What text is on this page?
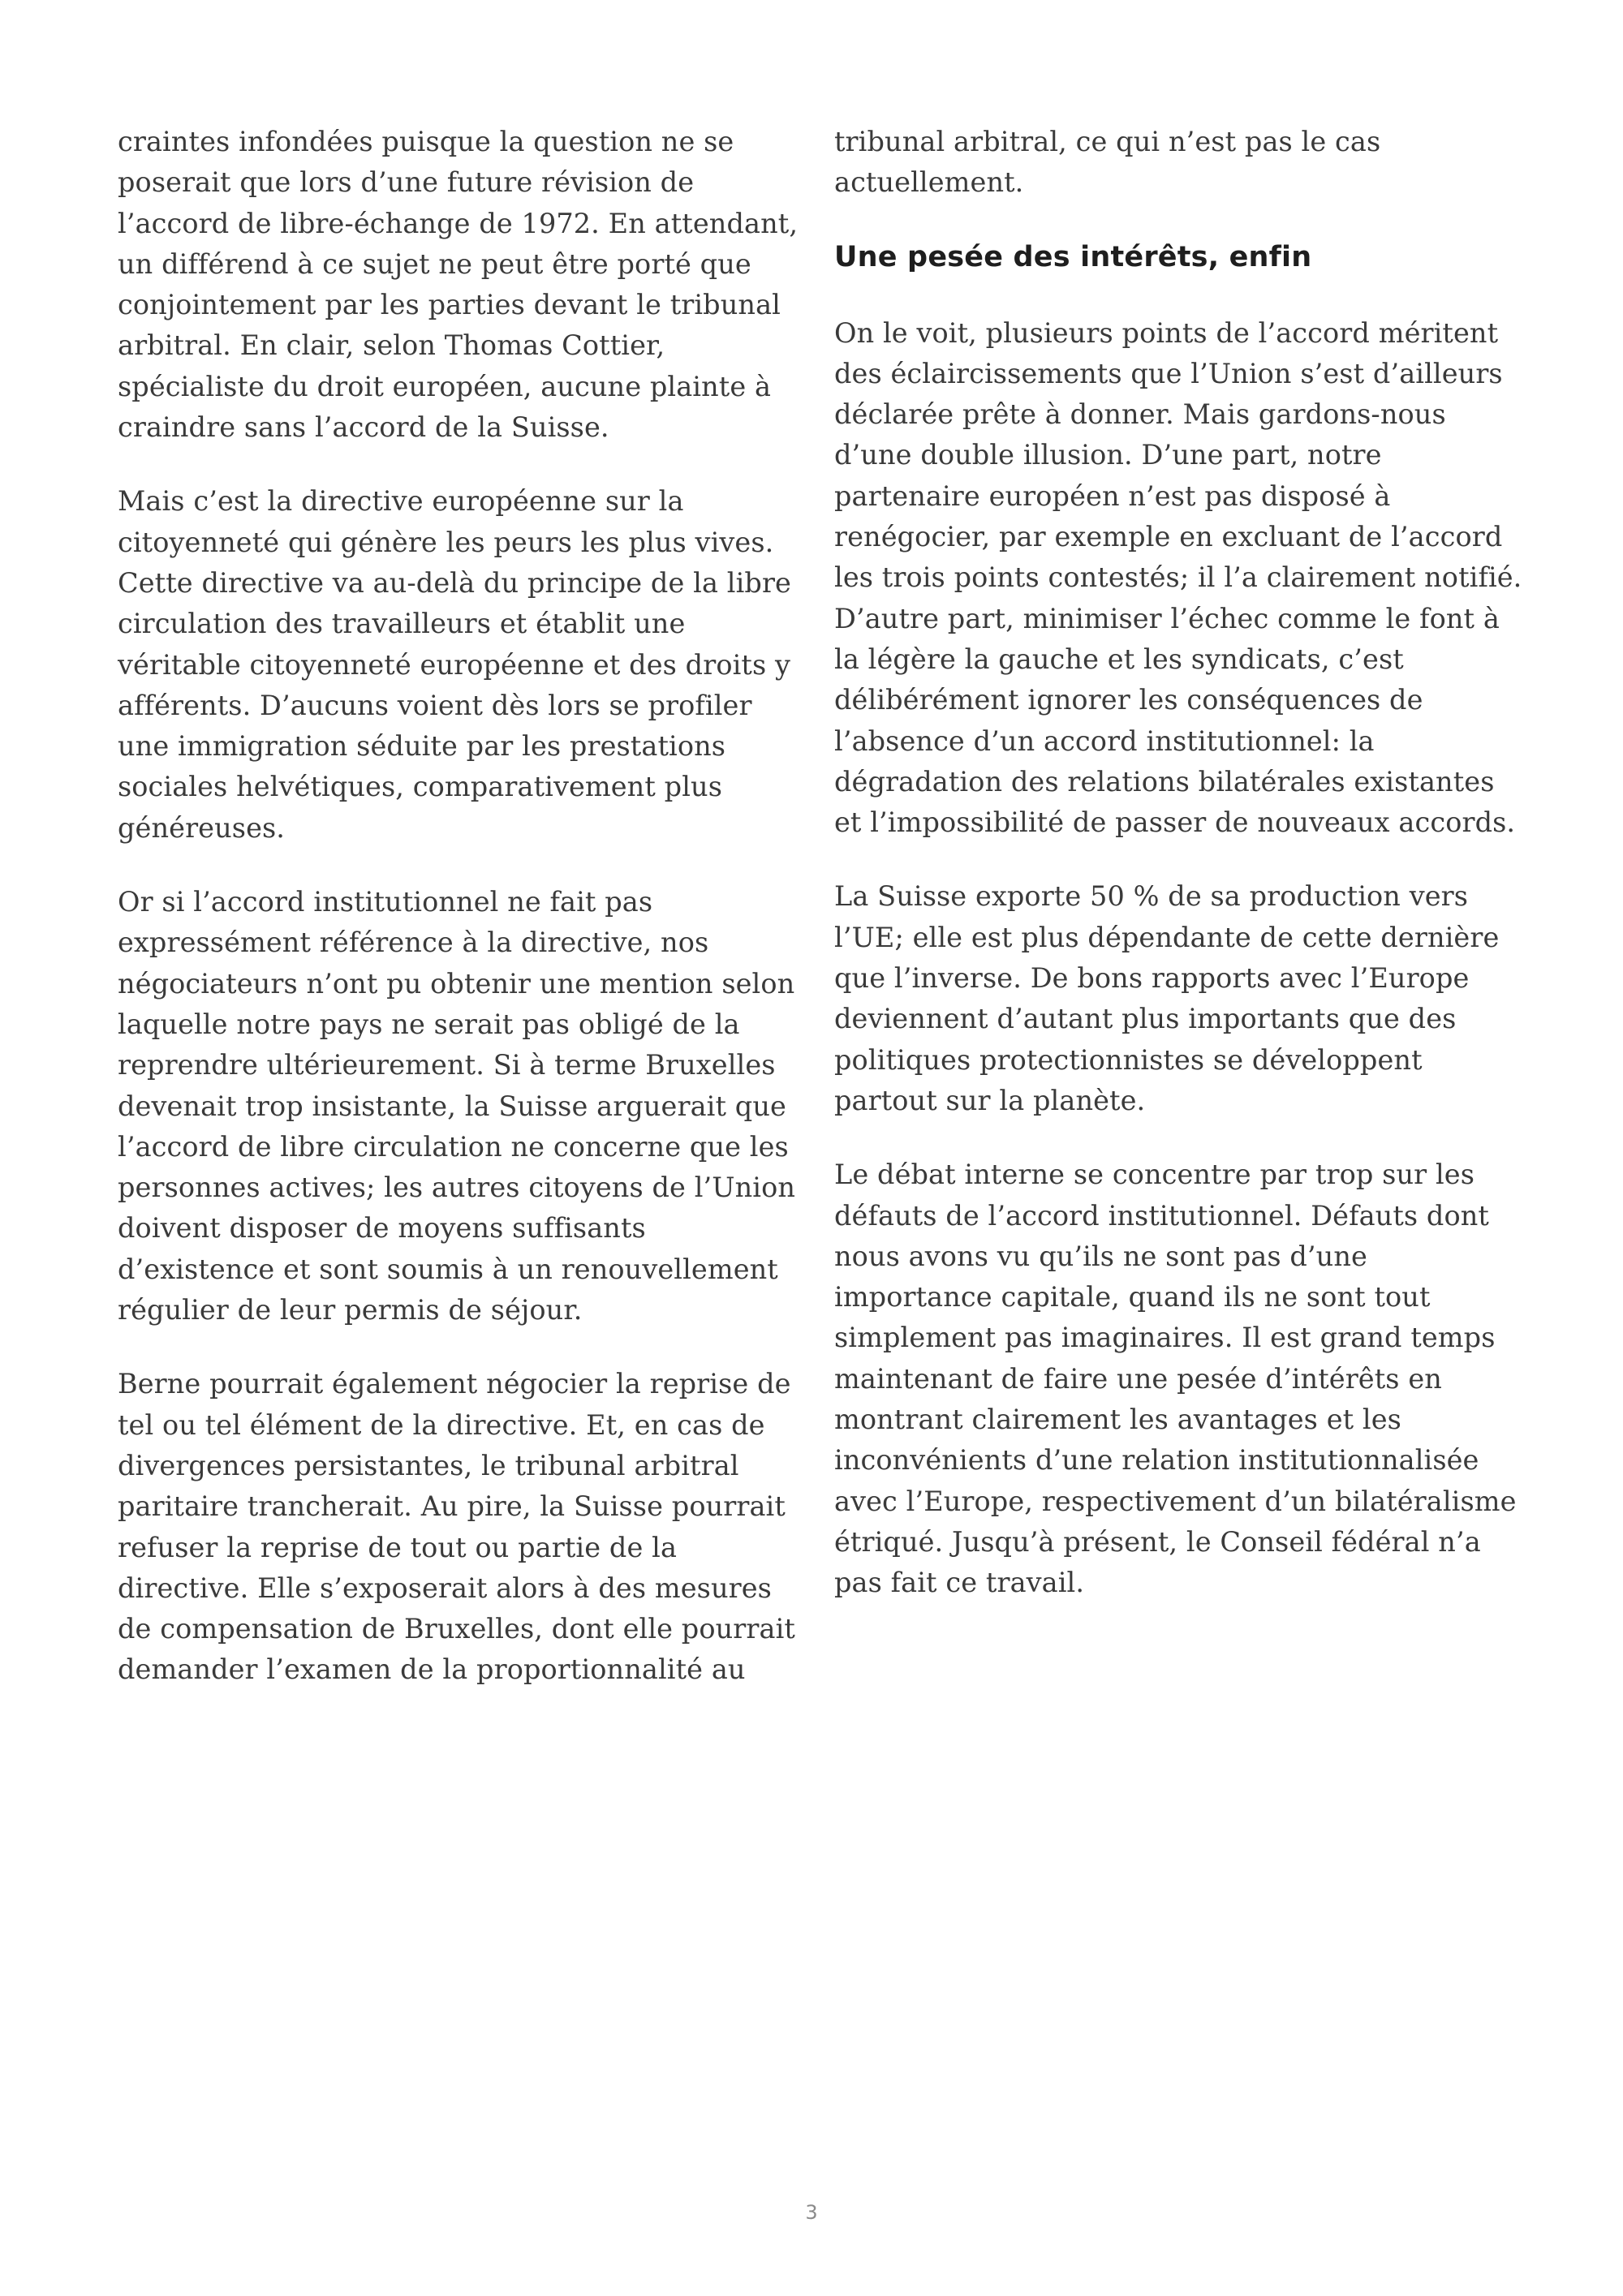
craintes infondées puisque la question ne se poserait que lors d’une future révision de l’accord de libre-échange de 1972. En attendant, un différend à ce sujet ne peut être porté que conjointement par les parties devant le tribunal arbitral. En clair, selon Thomas Cottier, spécialiste du droit européen, aucune plainte à craindre sans l’accord de la Suisse.

Mais c’est la directive européenne sur la citoyenneté qui génère les peurs les plus vives. Cette directive va au-delà du principe de la libre circulation des travailleurs et établit une véritable citoyenneté européenne et des droits y afférents. D’aucuns voient dès lors se profiler une immigration séduite par les prestations sociales helvétiques, comparativement plus généreuses.

Or si l’accord institutionnel ne fait pas expressément référence à la directive, nos négociateurs n’ont pu obtenir une mention selon laquelle notre pays ne serait pas obligé de la reprendre ultérieurement. Si à terme Bruxelles devenait trop insistante, la Suisse arguerait que l’accord de libre circulation ne concerne que les personnes actives; les autres citoyens de l’Union doivent disposer de moyens suffisants d’existence et sont soumis à un renouvellement régulier de leur permis de séjour.

Berne pourrait également négocier la reprise de tel ou tel élément de la directive. Et, en cas de divergences persistantes, le tribunal arbitral paritaire trancherait. Au pire, la Suisse pourrait refuser la reprise de tout ou partie de la directive. Elle s’exposerait alors à des mesures de compensation de Bruxelles, dont elle pourrait demander l’examen de la proportionnalité au

tribunal arbitral, ce qui n’est pas le cas actuellement.

Une pesée des intérêts, enfin

On le voit, plusieurs points de l’accord méritent des éclaircissements que l’Union s’est d’ailleurs déclarée prête à donner. Mais gardons-nous d’une double illusion. D’une part, notre partenaire européen n’est pas disposé à renégocier, par exemple en excluant de l’accord les trois points contestés; il l’a clairement notifié. D’autre part, minimiser l’échec comme le font à la légère la gauche et les syndicats, c’est délibérément ignorer les conséquences de l’absence d’un accord institutionnel: la dégradation des relations bilatérales existantes et l’impossibilité de passer de nouveaux accords.

La Suisse exporte 50 % de sa production vers l’UE; elle est plus dépendante de cette dernière que l’inverse. De bons rapports avec l’Europe deviennent d’autant plus importants que des politiques protectionnistes se développent partout sur la planète.

Le débat interne se concentre par trop sur les défauts de l’accord institutionnel. Défauts dont nous avons vu qu’ils ne sont pas d’une importance capitale, quand ils ne sont tout simplement pas imaginaires. Il est grand temps maintenant de faire une pesée d’intérêts en montrant clairement les avantages et les inconvénients d’une relation institutionnalisée avec l’Europe, respectivement d’un bilatéralisme étriqué. Jusqu’à présent, le Conseil fédéral n’a pas fait ce travail.

3
